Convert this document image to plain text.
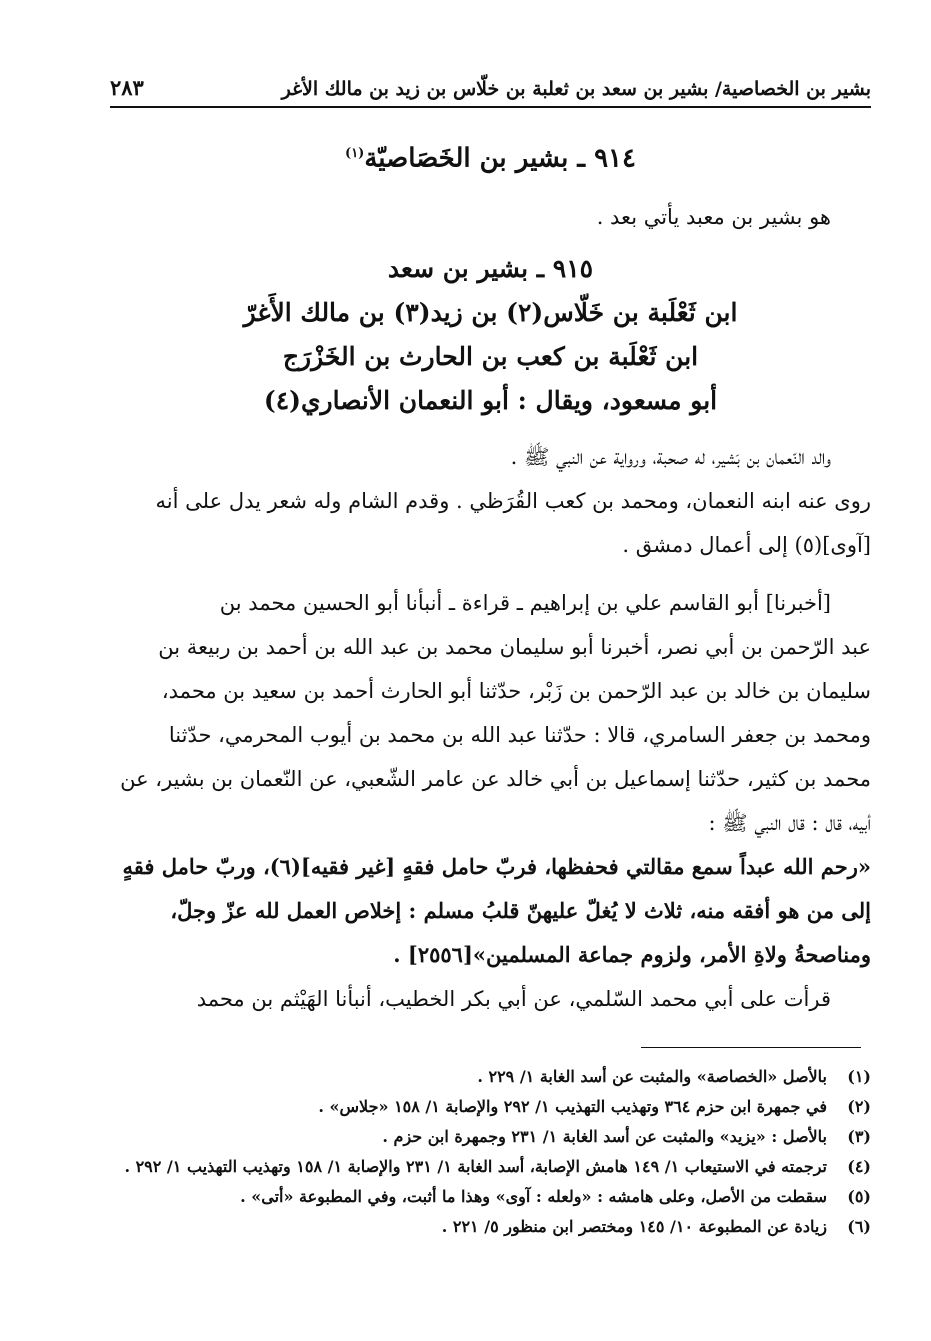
بشير بن الخصاصية/ بشير بن سعد بن ثعلبة بن خلّاس بن زيد بن مالك الأغر
٢٨٣

٩١٤ ـ بشير بن الخَصَاصيّة$^{(١)}$

هو بشير بن معبد يأتي بعد .

٩١٥ ـ بشير بن سعد
ابن ثَعْلَبة بن خَلّاس(٢) بن زيد(٣) بن مالك الأَغرّ
ابن ثَعْلَبة بن كعب بن الحارث بن الخَزْرَج
أبو مسعود، ويقال : أبو النعمان الأنصاري(٤)

والد النّعمان بن بَشير، له صحبة، ورواية عن النبي ﷺ .

روى عنه ابنه النعمان، ومحمد بن كعب القُرَظي . وقدم الشام وله شعر يدل على أنه

[آوى](٥) إلى أعمال دمشق .

[أخبرنا] أبو القاسم علي بن إبراهيم ـ قراءة ـ أنبأنا أبو الحسين محمد بن

عبد الرّحمن بن أبي نصر، أخبرنا أبو سليمان محمد بن عبد الله بن أحمد بن ربيعة بن

سليمان بن خالد بن عبد الرّحمن بن زَبْر، حدّثنا أبو الحارث أحمد بن سعيد بن محمد،

ومحمد بن جعفر السامري، قالا : حدّثنا عبد الله بن محمد بن أيوب المحرمي، حدّثنا

محمد بن كثير، حدّثنا إسماعيل بن أبي خالد عن عامر الشّعبي، عن النّعمان بن بشير، عن

أبيه، قال : قال النبي ﷺ :

«رحم الله عبداً سمع مقالتي فحفظها، فربّ حامل فقهٍ [غير فقيه](٦)، وربّ حامل فقهٍ

إلى من هو أفقه منه، ثلاث لا يُغلّ عليهنّ قلبُ مسلم : إخلاص العمل لله عزّ وجلّ،

ومناصحةُ ولاةِ الأمر، ولزوم جماعة المسلمين»[٢٥٥٦] .

قرأت على أبي محمد السّلمي، عن أبي بكر الخطيب، أنبأنا الهَيْثم بن محمد

(١)
بالأصل «الخصاصة» والمثبت عن أسد الغابة ١/ ٢٢٩ .

(٢)
في جمهرة ابن حزم ٣٦٤ وتهذيب التهذيب ١/ ٢٩٢ والإصابة ١/ ١٥٨ «جلاس» .

(٣)
بالأصل : «يزيد» والمثبت عن أسد الغابة ١/ ٢٣١ وجمهرة ابن حزم .

(٤)
ترجمته في الاستيعاب ١/ ١٤٩ هامش الإصابة، أسد الغابة ١/ ٢٣١ والإصابة ١/ ١٥٨ وتهذيب التهذيب ١/ ٢٩٢ .

(٥)
سقطت من الأصل، وعلى هامشه : «ولعله : آوى» وهذا ما أثبت، وفي المطبوعة «أتى» .

(٦)
زيادة عن المطبوعة ١٠/ ١٤٥ ومختصر ابن منظور ٥/ ٢٢١ .
